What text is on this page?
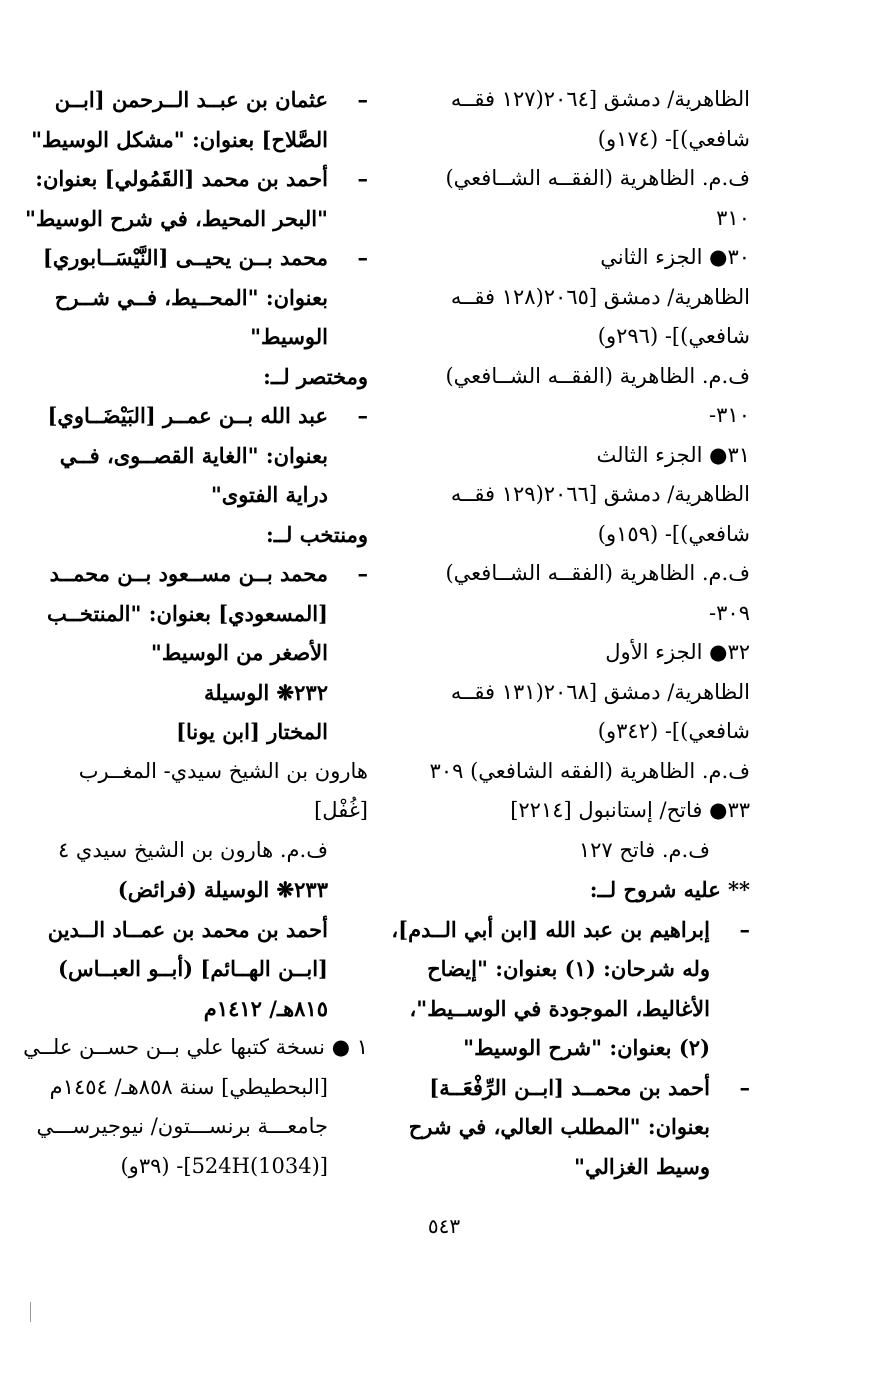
الظاهرية/ دمشق [٢٠٦٤(١٢٧ فقــه
شافعي)]- (١٧٤و)
ف.م. الظاهرية (الفقــه الشــافعي)
٣١٠
٣٠● الجزء الثاني
الظاهرية/ دمشق [٢٠٦٥(١٢٨ فقــه
شافعي)]- (٢٩٦و)
ف.م. الظاهرية (الفقــه الشــافعي)
٣١٠-
٣١● الجزء الثالث
الظاهرية/ دمشق [٢٠٦٦(١٢٩ فقــه
شافعي)]- (١٥٩و)
ف.م. الظاهرية (الفقــه الشــافعي)
٣٠٩-
٣٢● الجزء الأول
الظاهرية/ دمشق [٢٠٦٨(١٣١ فقــه
شافعي)]- (٣٤٢و)
ف.م. الظاهرية (الفقه الشافعي) ٣٠٩
٣٣● فاتح/ إستانبول [٢٢١٤]
ف.م. فاتح ١٢٧
** عليه شروح لــ:
–
إبراهيم بن عبد الله [ابن أبي الــدم]،
وله شرحان: (١) بعنوان: "إيضاح
الأغاليط، الموجودة في الوســيط"،
(٢) بعنوان: "شرح الوسيط"
–
أحمد بن محمــد [ابــن الرِّفْعَــة]
بعنوان: "المطلب العالي، في شرح
وسيط الغزالي"
–
عثمان بن عبــد الــرحمن [ابــن
الصَّلاح] بعنوان: "مشكل الوسيط"
–
أحمد بن محمد [القَمُولي] بعنوان:
"البحر المحيط، في شرح الوسيط"
–
محمد بــن يحيــى [النَّيْسَــابوري]
بعنوان: "المحــيط، فــي شــرح
الوسيط"
ومختصر لــ:
–
عبد الله بــن عمــر [البَيْضَــاوي]
بعنوان: "الغاية القصــوى، فــي
دراية الفتوى"
ومنتخب لــ:
–
محمد بــن مســعود بــن محمــد
[المسعودي] بعنوان: "المنتخــب
الأصغر من الوسيط"
٢٣٢❋ الوسيلة
المختار [ابن يونا]
هارون بن الشيخ سيدي- المغــرب
[غُفْل]
ف.م. هارون بن الشيخ سيدي ٤
٢٣٣❋ الوسيلة (فرائض)
أحمد بن محمد بن عمــاد الــدين
[ابــن الهــائم] (أبــو العبــاس)
٨١٥هـ/ ١٤١٢م
١ ● نسخة كتبها علي بــن حســن علــي
[البحطيطي] سنة ٨٥٨هـ/ ١٤٥٤م
جامعـــة برنســـتون/ نيوجيرســـي
[524H(1034)]- (٣٩و)
٥٤٣
